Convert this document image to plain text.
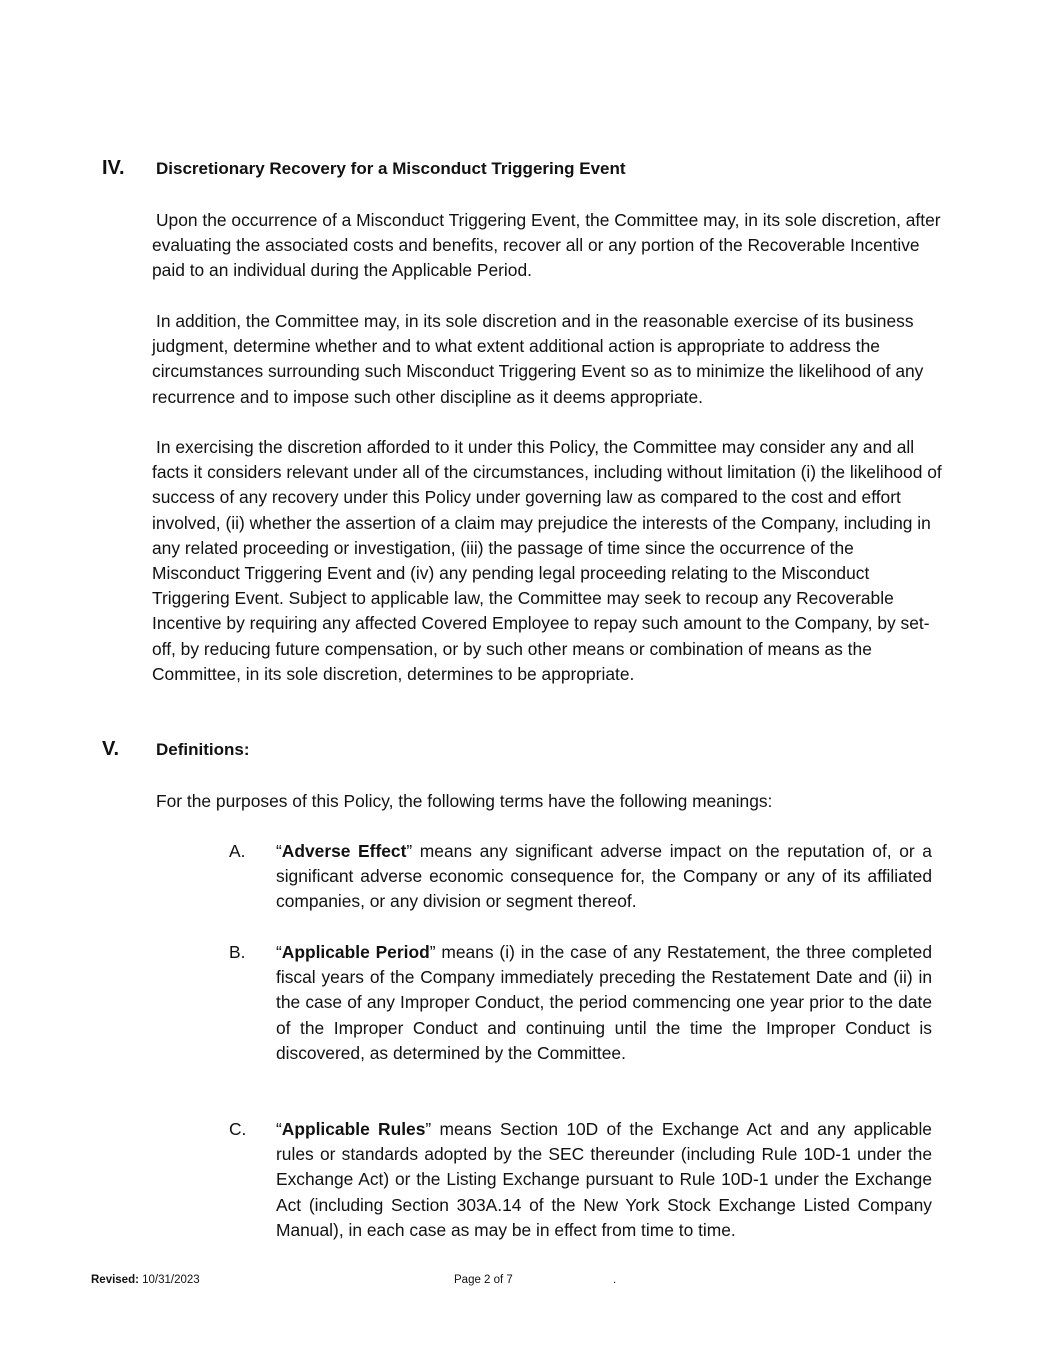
IV.	Discretionary Recovery for a Misconduct Triggering Event

Upon the occurrence of a Misconduct Triggering Event, the Committee may, in its sole discretion, after evaluating the associated costs and benefits, recover all or any portion of the Recoverable Incentive paid to an individual during the Applicable Period.

In addition, the Committee may, in its sole discretion and in the reasonable exercise of its business judgment, determine whether and to what extent additional action is appropriate to address the circumstances surrounding such Misconduct Triggering Event so as to minimize the likelihood of any recurrence and to impose such other discipline as it deems appropriate.

In exercising the discretion afforded to it under this Policy, the Committee may consider any and all facts it considers relevant under all of the circumstances, including without limitation (i) the likelihood of success of any recovery under this Policy under governing law as compared to the cost and effort involved, (ii) whether the assertion of a claim may prejudice the interests of the Company, including in any related proceeding or investigation, (iii) the passage of time since the occurrence of the Misconduct Triggering Event and (iv) any pending legal proceeding relating to the Misconduct Triggering Event. Subject to applicable law, the Committee may seek to recoup any Recoverable Incentive by requiring any affected Covered Employee to repay such amount to the Company, by set-off, by reducing future compensation, or by such other means or combination of means as the Committee, in its sole discretion, determines to be appropriate.

V.	Definitions:

For the purposes of this Policy, the following terms have the following meanings:

A.	“Adverse Effect” means any significant adverse impact on the reputation of, or a significant adverse economic consequence for, the Company or any of its affiliated companies, or any division or segment thereof.

B.	“Applicable Period” means (i) in the case of any Restatement, the three completed fiscal years of the Company immediately preceding the Restatement Date and (ii) in the case of any Improper Conduct, the period commencing one year prior to the date of the Improper Conduct and continuing until the time the Improper Conduct is discovered, as determined by the Committee.

C.	“Applicable Rules” means Section 10D of the Exchange Act and any applicable rules or standards adopted by the SEC thereunder (including Rule 10D-1 under the Exchange Act) or the Listing Exchange pursuant to Rule 10D-1 under the Exchange Act (including Section 303A.14 of the New York Stock Exchange Listed Company Manual), in each case as may be in effect from time to time.

Revised: 10/31/2023	Page 2 of 7	.
